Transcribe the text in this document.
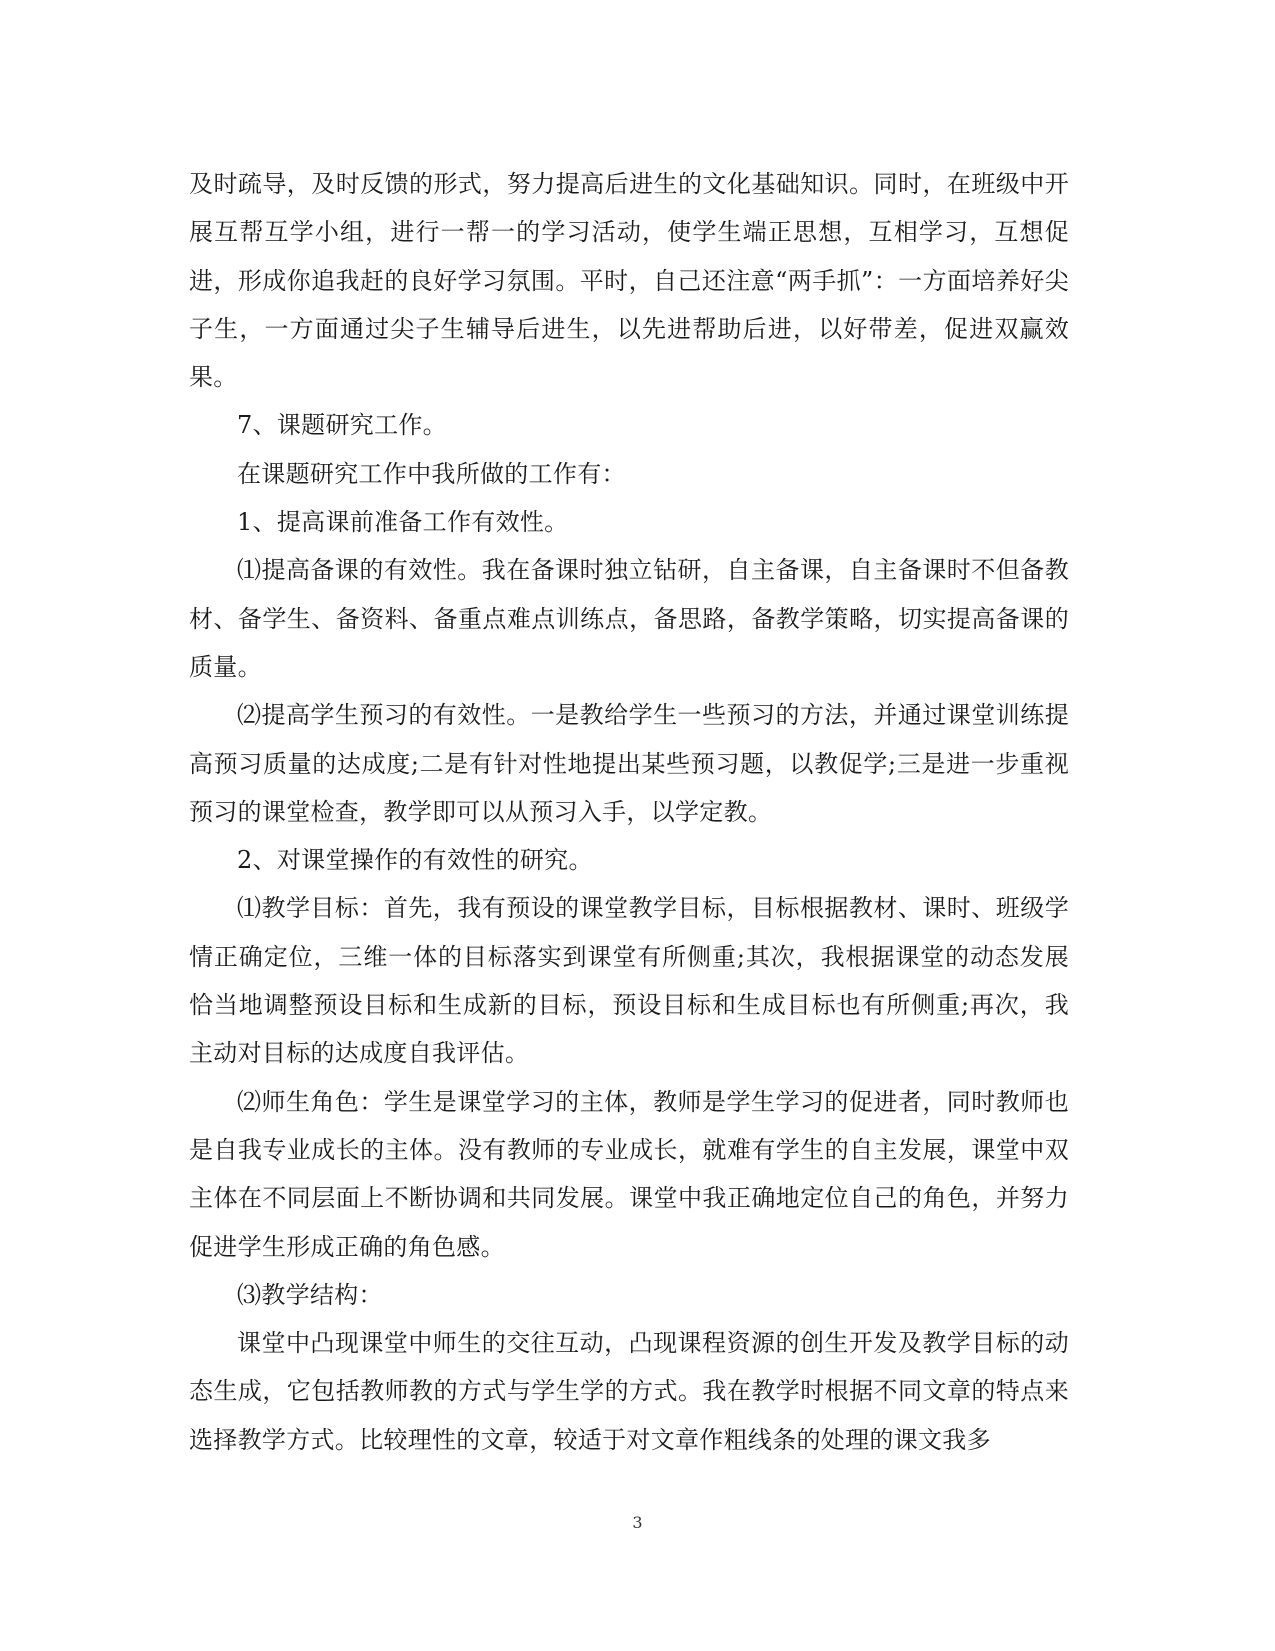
及时疏导，及时反馈的形式，努力提高后进生的文化基础知识。同时，在班级中开展互帮互学小组，进行一帮一的学习活动，使学生端正思想，互相学习，互想促进，形成你追我赶的良好学习氛围。平时，自己还注意“两手抓”：一方面培养好尖子生，一方面通过尖子生辅导后进生，以先进帮助后进，以好带差，促进双赢效果。

7、课题研究工作。

在课题研究工作中我所做的工作有：

1、提高课前准备工作有效性。

⑴提高备课的有效性。我在备课时独立钻研，自主备课，自主备课时不但备教材、备学生、备资料、备重点难点训练点，备思路，备教学策略，切实提高备课的质量。

⑵提高学生预习的有效性。一是教给学生一些预习的方法，并通过课堂训练提高预习质量的达成度;二是有针对性地提出某些预习题，以教促学;三是进一步重视预习的课堂检查，教学即可以从预习入手，以学定教。

2、对课堂操作的有效性的研究。

⑴教学目标：首先，我有预设的课堂教学目标，目标根据教材、课时、班级学情正确定位，三维一体的目标落实到课堂有所侧重;其次，我根据课堂的动态发展恰当地调整预设目标和生成新的目标，预设目标和生成目标也有所侧重;再次，我主动对目标的达成度自我评估。

⑵师生角色：学生是课堂学习的主体，教师是学生学习的促进者，同时教师也是自我专业成长的主体。没有教师的专业成长，就难有学生的自主发展，课堂中双主体在不同层面上不断协调和共同发展。课堂中我正确地定位自己的角色，并努力促进学生形成正确的角色感。

⑶教学结构：

课堂中凸现课堂中师生的交往互动，凸现课程资源的创生开发及教学目标的动态生成，它包括教师教的方式与学生学的方式。我在教学时根据不同文章的特点来选择教学方式。比较理性的文章，较适于对文章作粗线条的处理的课文我多

3
